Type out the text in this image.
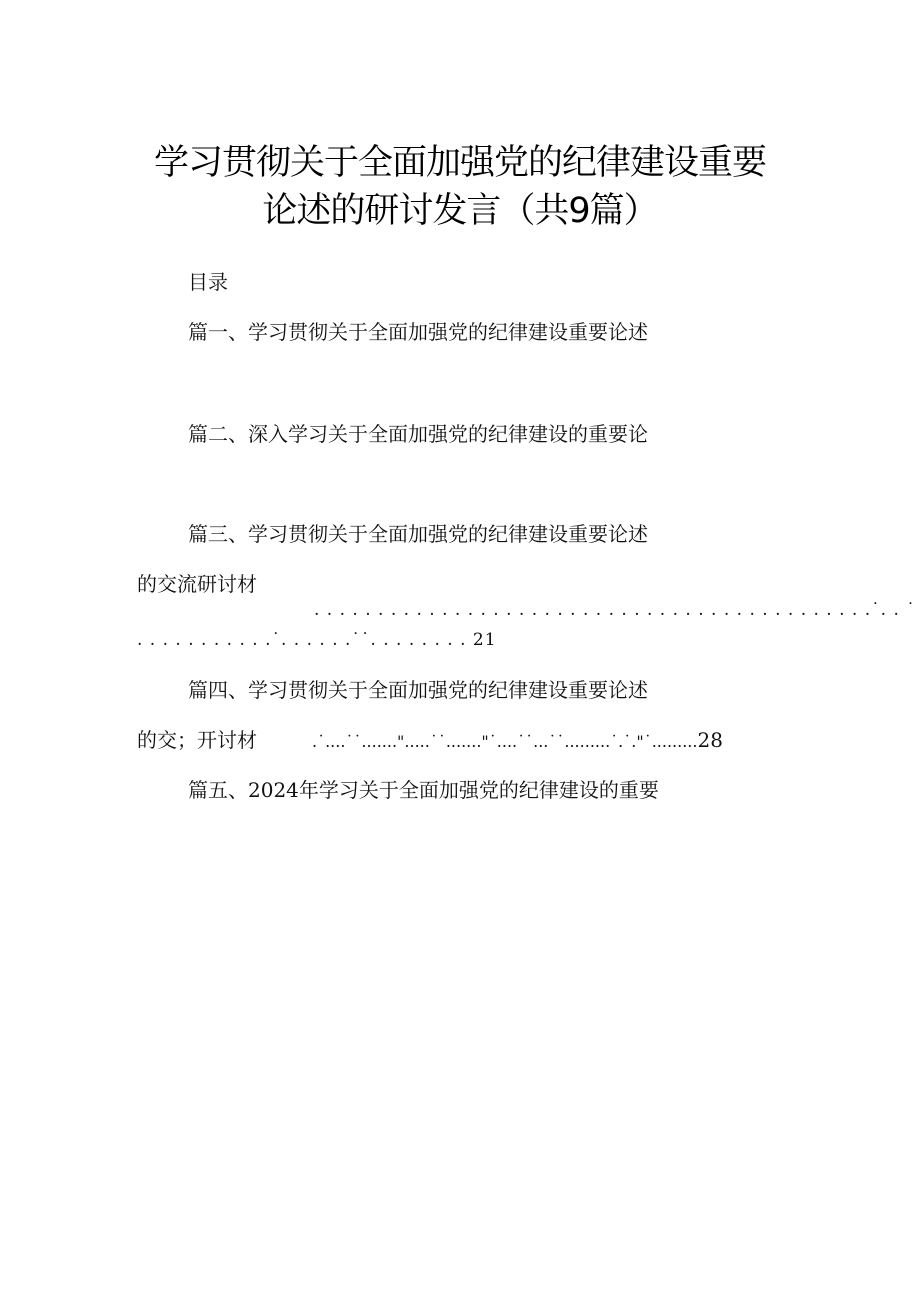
学习贯彻关于全面加强党的纪律建设重要
论述的研讨发言（共9篇）
目录
篇一、学习贯彻关于全面加强党的纪律建设重要论述
篇二、深入学习关于全面加强党的纪律建设的重要论
篇三、学习贯彻关于全面加强党的纪律建设重要论述
的交流研讨材
. . . . . . . . . . . . . . . . . . . . . . . . . . . . . . . . . . . . . . . . . . . .˙. . ˙
. . . . . . . . . . .˙. . . . . .˙˙. . . . . . . . 21
篇四、学习贯彻关于全面加强党的纪律建设重要论述
的交；开讨材	.˙....˙˙.......".....˙˙......."˙....˙˙...˙˙.........˙.˙."˙.........28
篇五、2024年学习关于全面加强党的纪律建设的重要
